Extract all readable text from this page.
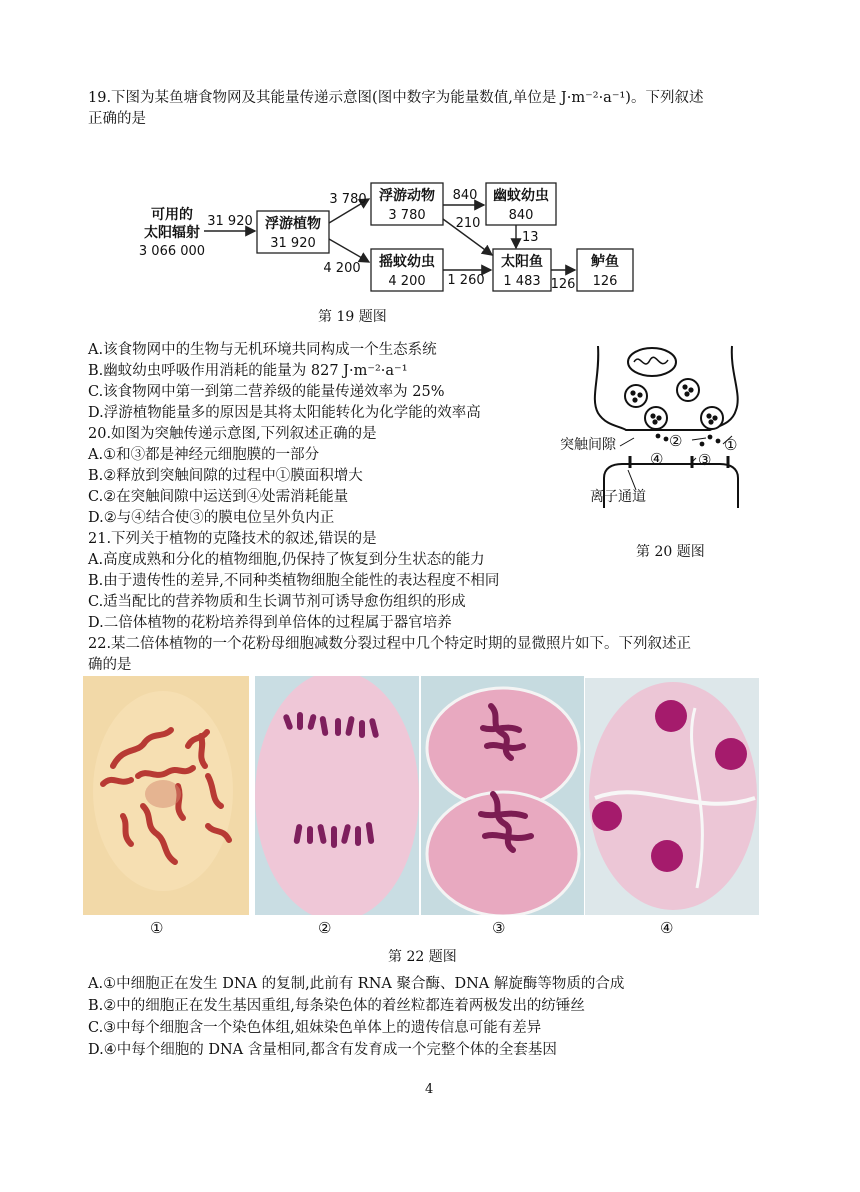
19.下图为某鱼塘食物网及其能量传递示意图(图中数字为能量数值,单位是 J·m⁻²·a⁻¹)。下列叙述
正确的是
可用的
太阳辐射
3 066 000
31 920 浮游植物
31 920
3 780
4 200
浮游动物
3 780
840
210
幽蚊幼虫
840
13
摇蚊幼虫
4 200 1 260
太阳鱼
1 483 126
鲈鱼
126
第 19 题图
A.该食物网中的生物与无机环境共同构成一个生态系统
B.幽蚊幼虫呼吸作用消耗的能量为 827 J·m⁻²·a⁻¹
C.该食物网中第一到第二营养级的能量传递效率为 25%
D.浮游植物能量多的原因是其将太阳能转化为化学能的效率高
20.如图为突触传递示意图,下列叙述正确的是
A.①和③都是神经元细胞膜的一部分
B.②释放到突触间隙的过程中①膜面积增大
C.②在突触间隙中运送到④处需消耗能量
D.②与④结合使③的膜电位呈外负内正
突触间隙	②	①
④ ③
离子通道
第 20 题图
21.下列关于植物的克隆技术的叙述,错误的是
A.高度成熟和分化的植物细胞,仍保持了恢复到分生状态的能力
B.由于遗传性的差异,不同种类植物细胞全能性的表达程度不相同
C.适当配比的营养物质和生长调节剂可诱导愈伤组织的形成
D.二倍体植物的花粉培养得到单倍体的过程属于器官培养
22.某二倍体植物的一个花粉母细胞减数分裂过程中几个特定时期的显微照片如下。下列叙述正
确的是
①	②	③	④
第 22 题图
A.①中细胞正在发生 DNA 的复制,此前有 RNA 聚合酶、DNA 解旋酶等物质的合成
B.②中的细胞正在发生基因重组,每条染色体的着丝粒都连着两极发出的纺锤丝
C.③中每个细胞含一个染色体组,姐妹染色单体上的遗传信息可能有差异
D.④中每个细胞的 DNA 含量相同,都含有发育成一个完整个体的全套基因
4
